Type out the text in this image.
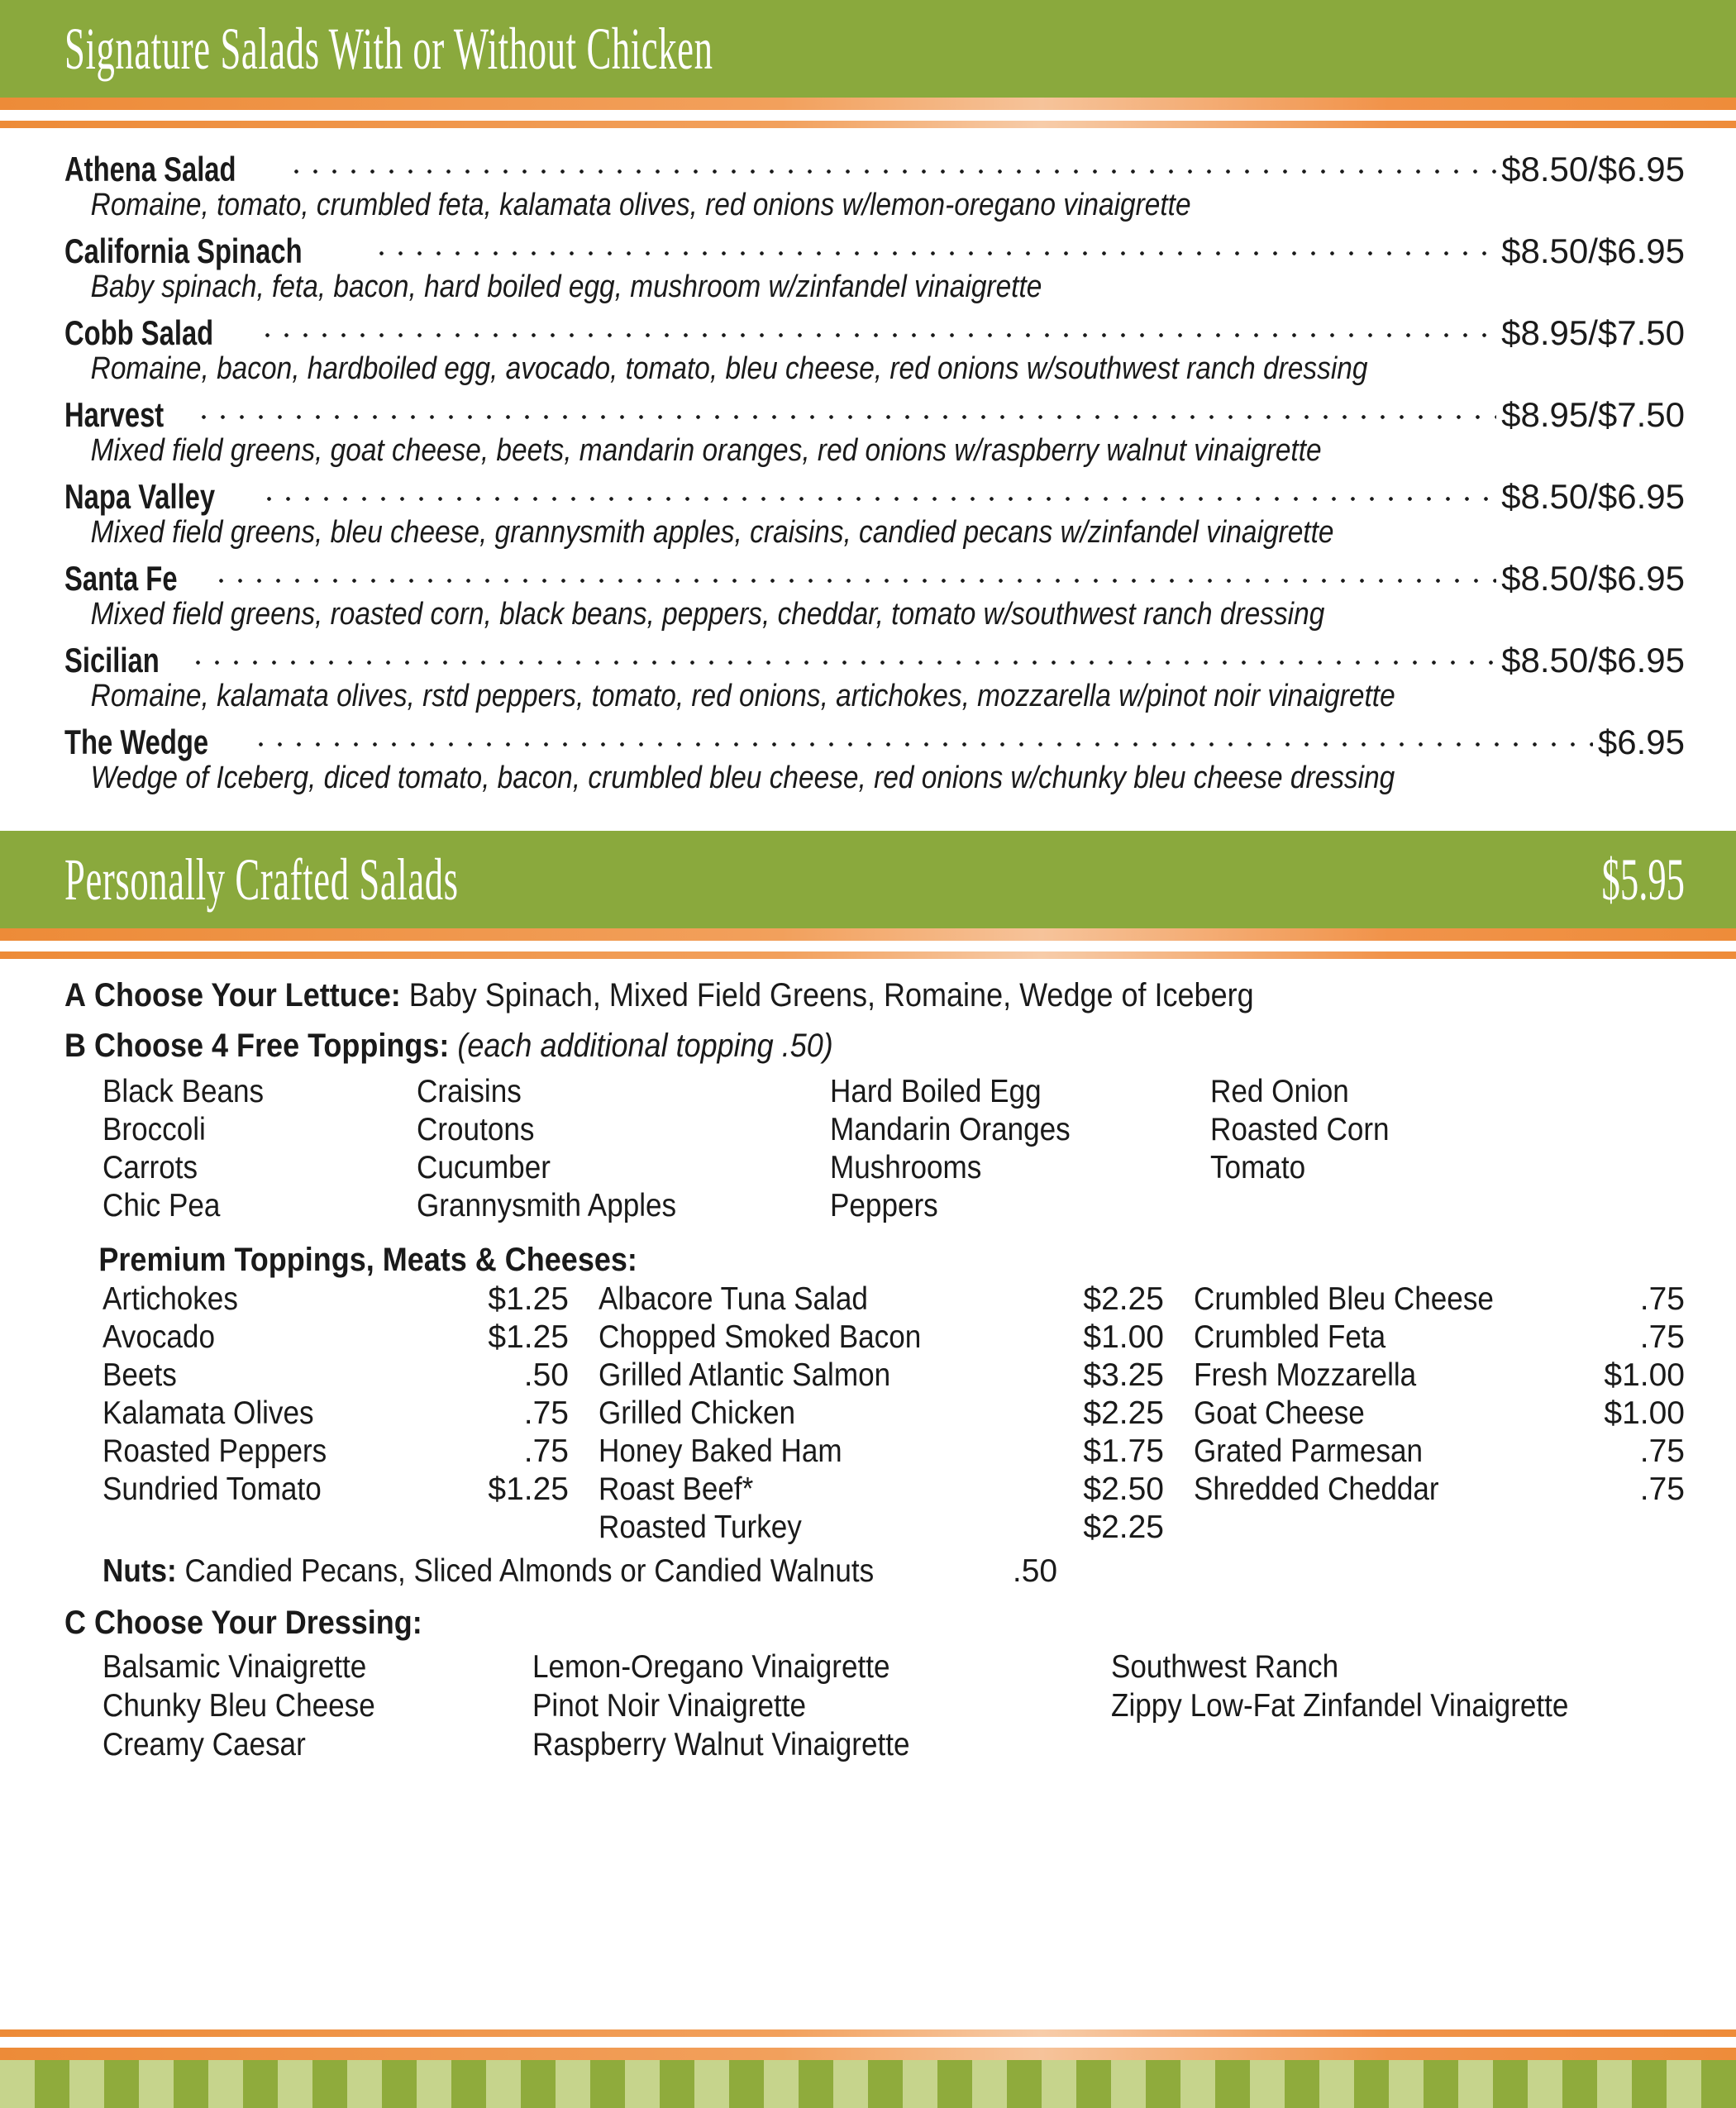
Signature Salads With or Without Chicken
Athena Salad	$8.50/$6.95
Romaine, tomato, crumbled feta, kalamata olives, red onions w/lemon-oregano vinaigrette
California Spinach	$8.50/$6.95
Baby spinach, feta, bacon, hard boiled egg, mushroom w/zinfandel vinaigrette
Cobb Salad	$8.95/$7.50
Romaine, bacon, hardboiled egg, avocado, tomato, bleu cheese, red onions w/southwest ranch dressing
Harvest	$8.95/$7.50
Mixed field greens, goat cheese, beets, mandarin oranges, red onions w/raspberry walnut vinaigrette
Napa Valley	$8.50/$6.95
Mixed field greens, bleu cheese, grannysmith apples, craisins, candied pecans w/zinfandel vinaigrette
Santa Fe	$8.50/$6.95
Mixed field greens, roasted corn, black beans, peppers, cheddar, tomato w/southwest ranch dressing
Sicilian	$8.50/$6.95
Romaine, kalamata olives, rstd peppers, tomato, red onions, artichokes, mozzarella w/pinot noir vinaigrette
The Wedge	$6.95
Wedge of Iceberg, diced tomato, bacon, crumbled bleu cheese, red onions w/chunky bleu cheese dressing
Personally Crafted Salads	$5.95
A Choose Your Lettuce: Baby Spinach, Mixed Field Greens, Romaine, Wedge of Iceberg
B Choose 4 Free Toppings: (each additional topping .50)
Black Beans	Craisins	Hard Boiled Egg	Red Onion
Broccoli	Croutons	Mandarin Oranges	Roasted Corn
Carrots	Cucumber	Mushrooms	Tomato
Chic Pea	Grannysmith Apples	Peppers
Premium Toppings, Meats & Cheeses:
Artichokes	$1.25
Avocado	$1.25
Beets	.50
Kalamata Olives	.75
Roasted Peppers	.75
Sundried Tomato	$1.25
Albacore Tuna Salad	$2.25
Chopped Smoked Bacon	$1.00
Grilled Atlantic Salmon	$3.25
Grilled Chicken	$2.25
Honey Baked Ham	$1.75
Roast Beef*	$2.50
Roasted Turkey	$2.25
Crumbled Bleu Cheese	.75
Crumbled Feta	.75
Fresh Mozzarella	$1.00
Goat Cheese	$1.00
Grated Parmesan	.75
Shredded Cheddar	.75
Nuts: Candied Pecans, Sliced Almonds or Candied Walnuts	.50
C Choose Your Dressing:
Balsamic Vinaigrette	Lemon-Oregano Vinaigrette	Southwest Ranch
Chunky Bleu Cheese	Pinot Noir Vinaigrette	Zippy Low-Fat Zinfandel Vinaigrette
Creamy Caesar	Raspberry Walnut Vinaigrette
